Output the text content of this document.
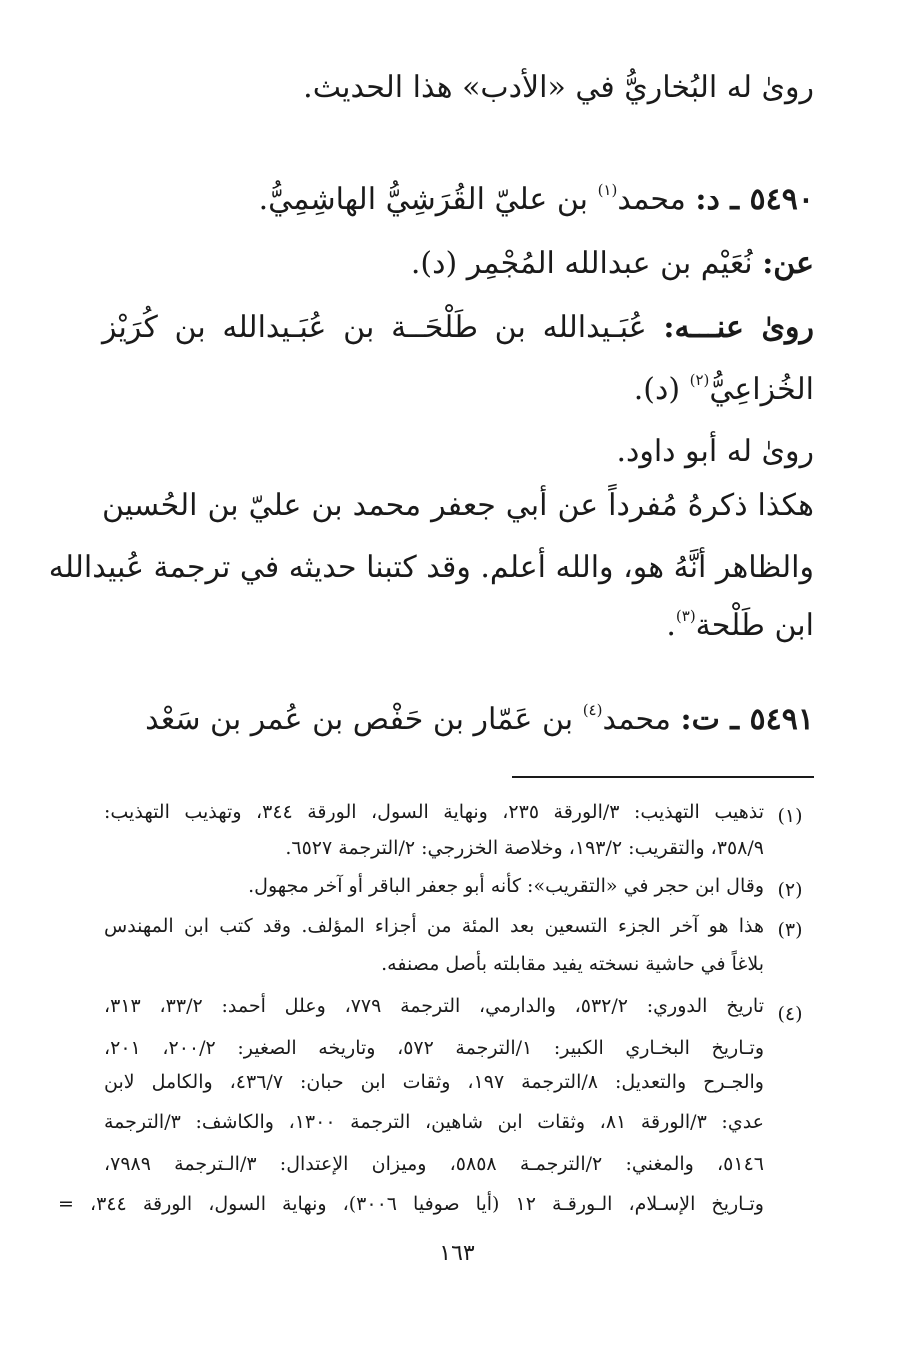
رویٰ له البُخاريُّ في «الأدب» هذا الحديث.
٥٤٩٠ ـ د: محمد$^{(١)}$ بن عليّ القُرَشِيُّ الهاشِمِيُّ.
عن: نُعَيْم بن عبدالله المُجْمِر (د).
رویٰ عنـــه: عُبَـيدالله بن طَلْحَــة بن عُبَـيدالله بن كُرَيْز
الخُزاعِيُّ$^{(٢)}$ (د).
رویٰ له أبو داود.
هكذا ذكرهُ مُفرداً عن أبي جعفر محمد بن عليّ بن الحُسين
والظاهر أنَّهُ هو، والله أعلم. وقد كتبنا حديثه في ترجمة عُبيدالله
ابن طَلْحة$^{(٣)}$.
٥٤٩١ ـ ت: محمد$^{(٤)}$ بن عَمّار بن حَفْص بن عُمر بن سَعْد
(١)
تذهيب التهذيب: ٣/الورقة ٢٣٥، ونهاية السول، الورقة ٣٤٤، وتهذيب التهذيب:
٣٥٨/٩، والتقريب: ١٩٣/٢، وخلاصة الخزرجي: ٢/الترجمة ٦٥٢٧.
(٢)
وقال ابن حجر في «التقريب»: كأنه أبو جعفر الباقر أو آخر مجهول.
(٣)
هذا هو آخر الجزء التسعين بعد المئة من أجزاء المؤلف. وقد كتب ابن المهندس
بلاغاً في حاشية نسخته يفيد مقابلته بأصل مصنفه.
(٤)
تاريخ الدوري: ٥٣٢/٢، والدارمي، الترجمة ٧٧٩، وعلل أحمد: ٣٣/٢، ٣١٣،
وتـاريخ البخـاري الكبير: ١/الترجمة ٥٧٢، وتاريخه الصغير: ٢٠٠/٢، ٢٠١،
والجـرح والتعديل: ٨/الترجمة ١٩٧، وثقات ابن حبان: ٤٣٦/٧، والكامل لابن
عدي: ٣/الورقة ٨١، وثقات ابن شاهين، الترجمة ١٣٠٠، والكاشف: ٣/الترجمة
٥١٤٦، والمغني: ٢/الترجمـة ٥٨٥٨، وميزان الإعتدال: ٣/الـترجمة ٧٩٨٩،
وتـاريخ الإسـلام، الـورقـة ١٢ (أيا صوفيا ٣٠٠٦)، ونهاية السول، الورقة ٣٤٤، =
١٦٣
